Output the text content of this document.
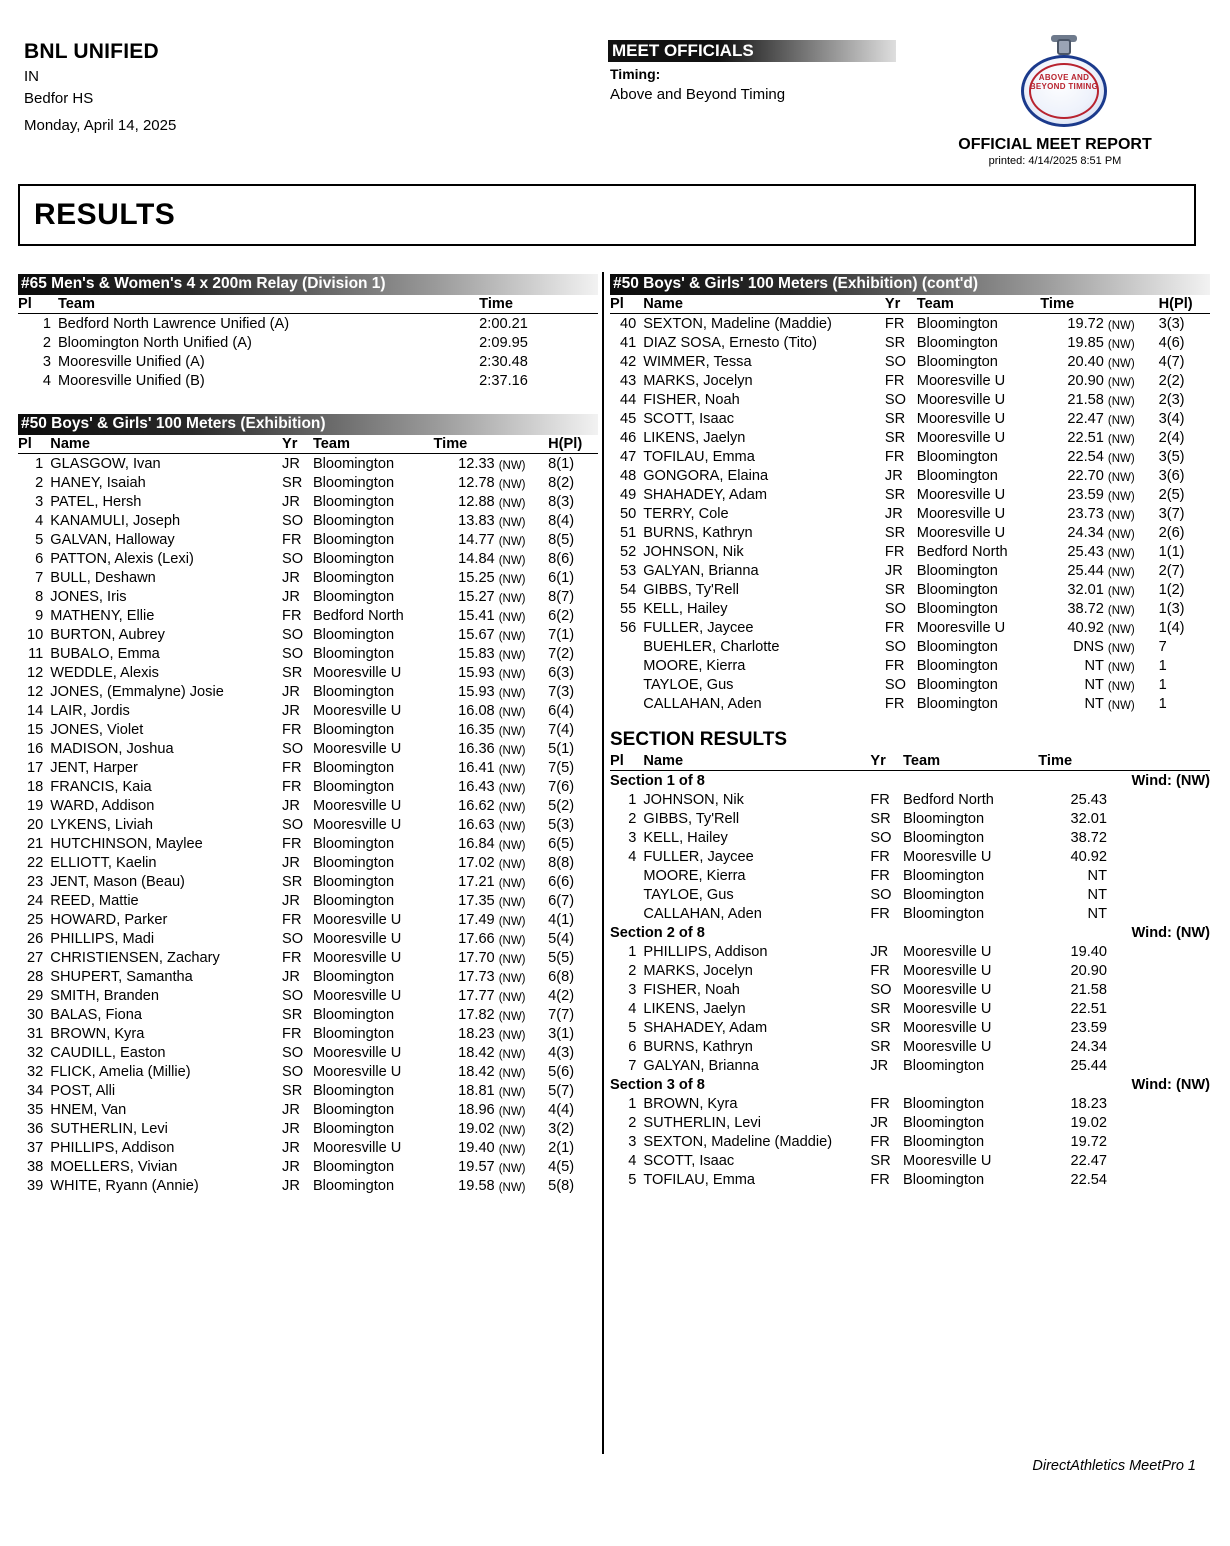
BNL UNIFIED
IN
Bedfor HS
Monday, April 14, 2025
MEET OFFICIALS
Timing:
Above and Beyond Timing
ABOVE AND BEYOND TIMING
OFFICIAL MEET REPORT
printed: 4/14/2025 8:51 PM
RESULTS
#65 Men's & Women's 4 x 200m Relay (Division 1)
Pl	Team	Time
1	Bedford North Lawrence Unified (A)	2:00.21
2	Bloomington North Unified (A)	2:09.95
3	Mooresville Unified (A)	2:30.48
4	Mooresville Unified (B)	2:37.16
#50 Boys' & Girls' 100 Meters (Exhibition)
Pl	Name	Yr	Team	Time		H(Pl)
1	GLASGOW, Ivan	JR	Bloomington	12.33	(NW)	8(1)
2	HANEY, Isaiah	SR	Bloomington	12.78	(NW)	8(2)
3	PATEL, Hersh	JR	Bloomington	12.88	(NW)	8(3)
4	KANAMULI, Joseph	SO	Bloomington	13.83	(NW)	8(4)
5	GALVAN, Halloway	FR	Bloomington	14.77	(NW)	8(5)
6	PATTON, Alexis (Lexi)	SO	Bloomington	14.84	(NW)	8(6)
7	BULL, Deshawn	JR	Bloomington	15.25	(NW)	6(1)
8	JONES, Iris	JR	Bloomington	15.27	(NW)	8(7)
9	MATHENY, Ellie	FR	Bedford North	15.41	(NW)	6(2)
10	BURTON, Aubrey	SO	Bloomington	15.67	(NW)	7(1)
11	BUBALO, Emma	SO	Bloomington	15.83	(NW)	7(2)
12	WEDDLE, Alexis	SR	Mooresville U	15.93	(NW)	6(3)
12	JONES, (Emmalyne) Josie	JR	Bloomington	15.93	(NW)	7(3)
14	LAIR, Jordis	JR	Mooresville U	16.08	(NW)	6(4)
15	JONES, Violet	FR	Bloomington	16.35	(NW)	7(4)
16	MADISON, Joshua	SO	Mooresville U	16.36	(NW)	5(1)
17	JENT, Harper	FR	Bloomington	16.41	(NW)	7(5)
18	FRANCIS, Kaia	FR	Bloomington	16.43	(NW)	7(6)
19	WARD, Addison	JR	Mooresville U	16.62	(NW)	5(2)
20	LYKENS, Liviah	SO	Mooresville U	16.63	(NW)	5(3)
21	HUTCHINSON, Maylee	FR	Bloomington	16.84	(NW)	6(5)
22	ELLIOTT, Kaelin	JR	Bloomington	17.02	(NW)	8(8)
23	JENT, Mason (Beau)	SR	Bloomington	17.21	(NW)	6(6)
24	REED, Mattie	JR	Bloomington	17.35	(NW)	6(7)
25	HOWARD, Parker	FR	Mooresville U	17.49	(NW)	4(1)
26	PHILLIPS, Madi	SO	Mooresville U	17.66	(NW)	5(4)
27	CHRISTIENSEN, Zachary	FR	Mooresville U	17.70	(NW)	5(5)
28	SHUPERT, Samantha	JR	Bloomington	17.73	(NW)	6(8)
29	SMITH, Branden	SO	Mooresville U	17.77	(NW)	4(2)
30	BALAS, Fiona	SR	Bloomington	17.82	(NW)	7(7)
31	BROWN, Kyra	FR	Bloomington	18.23	(NW)	3(1)
32	CAUDILL, Easton	SO	Mooresville U	18.42	(NW)	4(3)
32	FLICK, Amelia (Millie)	SO	Mooresville U	18.42	(NW)	5(6)
34	POST, Alli	SR	Bloomington	18.81	(NW)	5(7)
35	HNEM, Van	JR	Bloomington	18.96	(NW)	4(4)
36	SUTHERLIN, Levi	JR	Bloomington	19.02	(NW)	3(2)
37	PHILLIPS, Addison	JR	Mooresville U	19.40	(NW)	2(1)
38	MOELLERS, Vivian	JR	Bloomington	19.57	(NW)	4(5)
39	WHITE, Ryann (Annie)	JR	Bloomington	19.58	(NW)	5(8)
#50 Boys' & Girls' 100 Meters (Exhibition) (cont'd)
Pl	Name	Yr	Team	Time		H(Pl)
40	SEXTON, Madeline (Maddie)	FR	Bloomington	19.72	(NW)	3(3)
41	DIAZ SOSA, Ernesto (Tito)	SR	Bloomington	19.85	(NW)	4(6)
42	WIMMER, Tessa	SO	Bloomington	20.40	(NW)	4(7)
43	MARKS, Jocelyn	FR	Mooresville U	20.90	(NW)	2(2)
44	FISHER, Noah	SO	Mooresville U	21.58	(NW)	2(3)
45	SCOTT, Isaac	SR	Mooresville U	22.47	(NW)	3(4)
46	LIKENS, Jaelyn	SR	Mooresville U	22.51	(NW)	2(4)
47	TOFILAU, Emma	FR	Bloomington	22.54	(NW)	3(5)
48	GONGORA, Elaina	JR	Bloomington	22.70	(NW)	3(6)
49	SHAHADEY, Adam	SR	Mooresville U	23.59	(NW)	2(5)
50	TERRY, Cole	JR	Mooresville U	23.73	(NW)	3(7)
51	BURNS, Kathryn	SR	Mooresville U	24.34	(NW)	2(6)
52	JOHNSON, Nik	FR	Bedford North	25.43	(NW)	1(1)
53	GALYAN, Brianna	JR	Bloomington	25.44	(NW)	2(7)
54	GIBBS, Ty'Rell	SR	Bloomington	32.01	(NW)	1(2)
55	KELL, Hailey	SO	Bloomington	38.72	(NW)	1(3)
56	FULLER, Jaycee	FR	Mooresville U	40.92	(NW)	1(4)
	BUEHLER, Charlotte	SO	Bloomington	DNS	(NW)	7
	MOORE, Kierra	FR	Bloomington	NT	(NW)	1
	TAYLOE, Gus	SO	Bloomington	NT	(NW)	1
	CALLAHAN, Aden	FR	Bloomington	NT	(NW)	1
SECTION RESULTS
Pl	Name	Yr	Team	Time	
Section 1 of 8					Wind: (NW)
1	JOHNSON, Nik	FR	Bedford North	25.43	
2	GIBBS, Ty'Rell	SR	Bloomington	32.01	
3	KELL, Hailey	SO	Bloomington	38.72	
4	FULLER, Jaycee	FR	Mooresville U	40.92	
	MOORE, Kierra	FR	Bloomington	NT	
	TAYLOE, Gus	SO	Bloomington	NT	
	CALLAHAN, Aden	FR	Bloomington	NT	
Section 2 of 8					Wind: (NW)
1	PHILLIPS, Addison	JR	Mooresville U	19.40	
2	MARKS, Jocelyn	FR	Mooresville U	20.90	
3	FISHER, Noah	SO	Mooresville U	21.58	
4	LIKENS, Jaelyn	SR	Mooresville U	22.51	
5	SHAHADEY, Adam	SR	Mooresville U	23.59	
6	BURNS, Kathryn	SR	Mooresville U	24.34	
7	GALYAN, Brianna	JR	Bloomington	25.44	
Section 3 of 8					Wind: (NW)
1	BROWN, Kyra	FR	Bloomington	18.23	
2	SUTHERLIN, Levi	JR	Bloomington	19.02	
3	SEXTON, Madeline (Maddie)	FR	Bloomington	19.72	
4	SCOTT, Isaac	SR	Mooresville U	22.47	
5	TOFILAU, Emma	FR	Bloomington	22.54	
DirectAthletics MeetPro 1
